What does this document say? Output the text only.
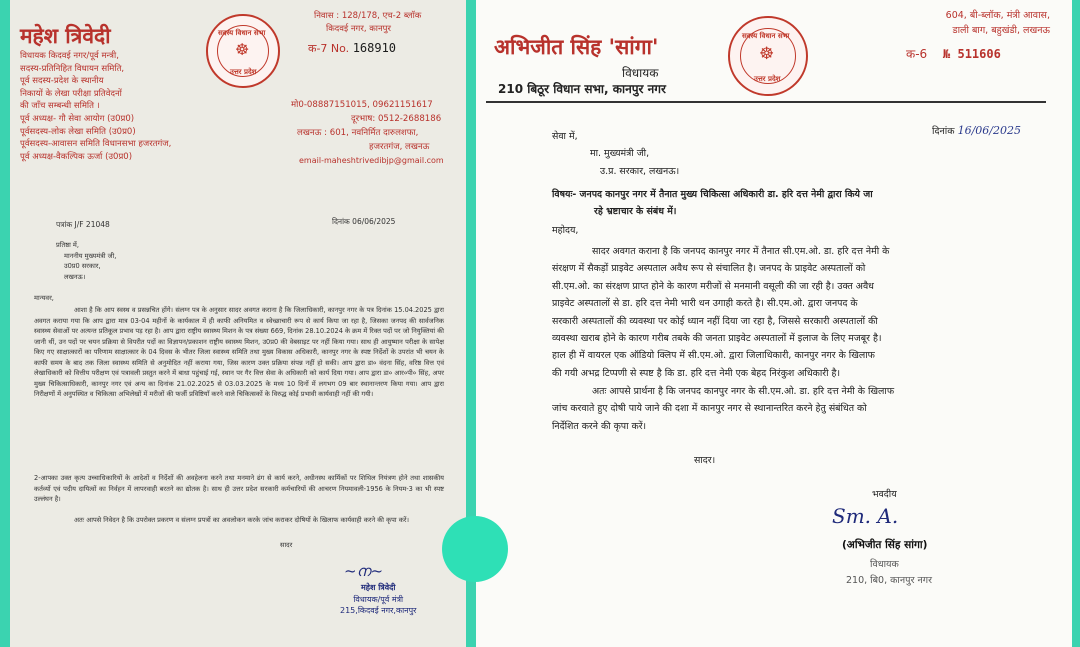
महेश त्रिवेदी
विधायक किदवई नगर/पूर्व मन्त्री,
सदस्य-प्रतिनिहित विधायन समिति,
पूर्व सदस्य-प्रदेश के स्थानीय
निकायों के लेखा परीक्षा प्रतिवेदनों
की जाँच सम्बन्धी समिति ।
पूर्व अध्यक्ष- गौ सेवा आयोग (उ0प्र0)
पूर्वसदस्य-लोक लेखा समिति (उ0प्र0)
पूर्वसदस्य-आवासन समिति विधानसभा हजरतगंज,
पूर्व अध्यक्ष-वैकल्पिक ऊर्जा (उ0प्र0)
सदस्य विधान सभा
☸
उत्तर प्रदेश
निवास : 128/178, एच-2 ब्लॉक
किदवई नगर, कानपुर
क-7 No. 168910
मो0-08887151015, 09621151617
दूरभाष: 0512-2688186
लखनऊ : 601, नवनिर्मित दारुलशफा,
हजरतगंज, लखनऊ
email-maheshtrivedibjp@gmail.com
पत्रांक J/F 21048	दिनांक 06/06/2025
प्रतिष्ठा में,
माननीय मुख्यमंत्री जी,
उ0प्र0 सरकार,
लखनऊ।
मान्यवर,
आशा है कि आप स्वस्थ व प्रसन्नचित होंगे। संलग्न पत्र के अनुसार सादर अवगत कराना है कि जिलाधिकारी, कानपुर नगर के पत्र दिनांक 15.04.2025 द्वारा अवगत कराया गया कि आप द्वारा मात्र 03-04 महीनों के कार्यकाल में ही काफी अनियमित व स्वेच्छाचारी रूप से कार्य किया जा रहा है, जिसका जनपद की सार्वजनिक स्वास्थ्य सेवाओं पर अत्यन्त प्रतिकूल प्रभाव पड़ रहा है। आप द्वारा राष्ट्रीय स्वास्थ्य मिशन के पत्र संख्या 669, दिनांक 28.10.2024 के क्रम में रिक्त पदों पर जो नियुक्तियां की जानी थीं, उन पदों पर चयन प्रक्रिया से विपरीत पदों का विज्ञापन/प्रकाशन राष्ट्रीय स्वास्थ्य मिशन, उ0प्र0 की वेबसाइट पर नहीं किया गया। साथ ही आयुष्मान परीक्षा के सापेक्ष किए गए साक्षात्कारों का परिणाम साक्षात्कार के 04 दिवस के भीतर जिला स्वास्थ्य समिति तथा मुख्य विकास अधिकारी, कानपुर नगर के स्पष्ट निर्देशों के उपरांत भी चयन के काफी समय के बाद तक जिला स्वास्थ्य समिति से अनुमोदित नहीं कराया गया, जिस कारण उक्त प्रक्रिया संपन्न नहीं हो सकी। आप द्वारा डा० वंदना सिंह, वरिष्ठ वित्त एवं लेखाधिकारी को वित्तीय परीक्षण एवं पत्रावली प्रस्तुत करने में बाधा पहुंचाई गई, स्थान पर गैर वित्त सेवा के अधिकारी को कार्य दिया गया। आप द्वारा डा० आर०पी० सिंह, अपर मुख्य चिकित्साधिकारी, कानपुर नगर एवं अन्य का दिनांक 21.02.2025 से 03.03.2025 के मध्य 10 दिनों में लगभग 09 बार स्थानान्तरण किया गया। आप द्वारा निरीक्षणों में अनुपस्थित व चिकित्सा अभिलेखों में मरीजों की फर्जी प्रविष्टियाँ करने वाले चिकित्सकों के विरुद्ध कोई प्रभावी कार्यवाही नहीं की गयी।
2-आपका उक्त कृत्य उच्चाधिकारियों के आदेशों व निर्देशों की अवहेलना करने तथा मनमाने ढंग से कार्य करने, अधीनस्थ कार्मिकों पर शिथिल नियंत्रण होने तथा शासकीय कर्तव्यों एवं पदीय दायित्वों का निर्वहन में लापरवाही बरतने का द्योतक है। साथ ही उत्तर प्रदेश सरकारी कर्मचारियों की आचरण नियमावली-1956 के नियम-3 का भी स्पष्ट उल्लंघन है।
अतः आपसे निवेदन है कि उपरोक्त प्रकरण व संलग्न प्रपत्रों का अवलोकन करके जांच कराकर दोषियों के खिलाफ कार्यवाही करने की कृपा करें।
सादर
~ന~
महेश त्रिवेदी
विधायक/पूर्व मंत्री
215,किदवई नगर,कानपुर
अभिजीत सिंह 'सांगा'
विधायक
210 बिठूर विधान सभा, कानपुर नगर
सदस्य विधान सभा
☸
उत्तर प्रदेश
604, बी-ब्लॉक, मंत्री आवास,
डाली बाग, बहुखंडी, लखनऊ
क-6 № 511606
दिनांक 16/06/2025
सेवा में,
मा. मुख्यमंत्री जी,
उ.प्र. सरकार, लखनऊ।
विषयः- जनपद कानपुर नगर में तैनात मुख्य चिकित्सा अधिकारी डा. हरि दत्त नेमी द्वारा किये जा
रहे भ्रष्टाचार के संबंध में।
महोदय,
सादर अवगत कराना है कि जनपद कानपुर नगर में तैनात सी.एम.ओ. डा. हरि दत्त नेमी के
संरक्षण में सैकड़ों प्राइवेट अस्पताल अवैध रूप से संचालित है। जनपद के प्राइवेट अस्पतालों को
सी.एम.ओ. का संरक्षण प्राप्त होने के कारण मरीजों से मनमानी वसूली की जा रही है। उक्त अवैध
प्राइवेट अस्पतालों से डा. हरि दत्त नेमी भारी धन उगाही करते है। सी.एम.ओ. द्वारा जनपद के
सरकारी अस्पतालों की व्यवस्था पर कोई ध्यान नहीं दिया जा रहा है, जिससे सरकारी अस्पतालों की
व्यवस्था खराब होने के कारण गरीब तबके की जनता प्राइवेट अस्पतालों में इलाज के लिए मजबूर है।
हाल ही में वायरल एक ऑडियो क्लिप में सी.एम.ओ. द्वारा जिलाधिकारी, कानपुर नगर के खिलाफ
की गयी अभद्र टिप्पणी से स्पष्ट है कि डा. हरि दत्त नेमी एक बेहद निरंकुश अधिकारी है।
अतः आपसे प्रार्थना है कि जनपद कानपुर नगर के सी.एम.ओ. डा. हरि दत्त नेमी के खिलाफ
जांच करवाते हुए दोषी पाये जाने की दशा में कानपुर नगर से स्थानान्तरित करने हेतु संबंधित को
निर्देशित करने की कृपा करें।
सादर।
भवदीय
Sm. A.
(अभिजीत सिंह सांगा)
विधायक
210, बि0, कानपुर नगर
